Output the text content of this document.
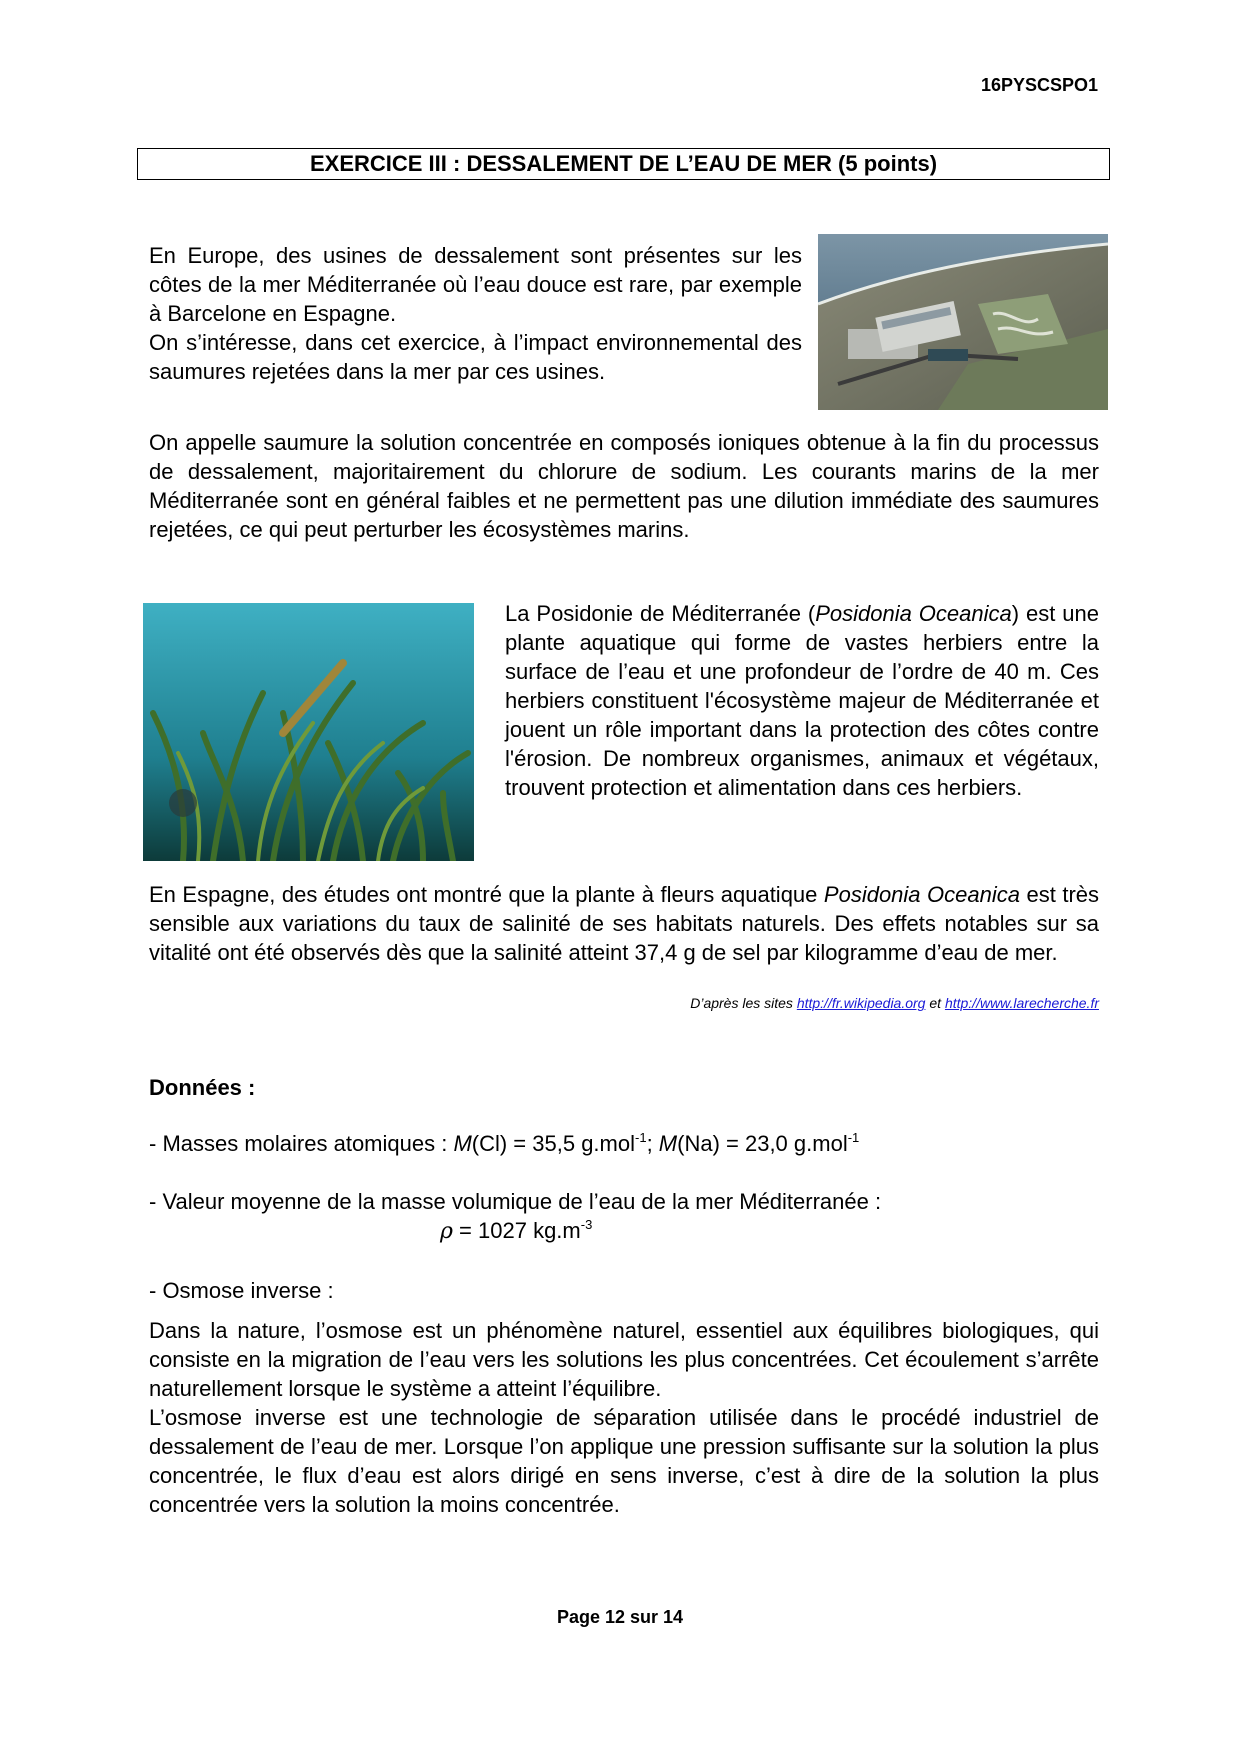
16PYSCSPO1
EXERCICE III : DESSALEMENT DE L’EAU DE MER (5 points)

En Europe, des usines de dessalement sont présentes sur les côtes de la mer Méditerranée où l’eau douce est rare, par exemple à Barcelone en Espagne.

On s’intéresse, dans cet exercice, à l’impact environnemental des saumures rejetées dans la mer par ces usines.

On appelle saumure la solution concentrée en composés ioniques obtenue à la fin du processus de dessalement, majoritairement du chlorure de sodium. Les courants marins de la mer Méditerranée sont en général faibles et ne permettent pas une dilution immédiate des saumures rejetées, ce qui peut perturber les écosystèmes marins.

La Posidonie de Méditerranée (Posidonia Oceanica) est une plante aquatique qui forme de vastes herbiers entre la surface de l’eau et une profondeur de l’ordre de 40 m. Ces herbiers constituent l'écosystème majeur de Méditerranée et jouent un rôle important dans la protection des côtes contre l'érosion. De nombreux organismes, animaux et végétaux, trouvent protection et alimentation dans ces herbiers.

En Espagne, des études ont montré que la plante à fleurs aquatique Posidonia Oceanica est très sensible aux variations du taux de salinité de ses habitats naturels. Des effets notables sur sa vitalité ont été observés dès que la salinité atteint 37,4 g de sel par kilogramme d’eau de mer.

D’après les sites http://fr.wikipedia.org et http://www.larecherche.fr
Données :
- Masses molaires atomiques : M(Cl) = 35,5 g.mol$^{-1}$; M(Na) = 23,0 g.mol$^{-1}$
- Valeur moyenne de la masse volumique de l’eau de la mer Méditerranée :
ρ = 1027 $kg.m^{-3}$
- Osmose inverse :

Dans la nature, l’osmose est un phénomène naturel, essentiel aux équilibres biologiques, qui consiste en la migration de l’eau vers les solutions les plus concentrées. Cet écoulement s’arrête naturellement lorsque le système a atteint l’équilibre.

L’osmose inverse est une technologie de séparation utilisée dans le procédé industriel de dessalement de l’eau de mer. Lorsque l’on applique une pression suffisante sur la solution la plus concentrée, le flux d’eau est alors dirigé en sens inverse, c’est à dire de la solution la plus concentrée vers la solution la moins concentrée.

Page 12 sur 14
